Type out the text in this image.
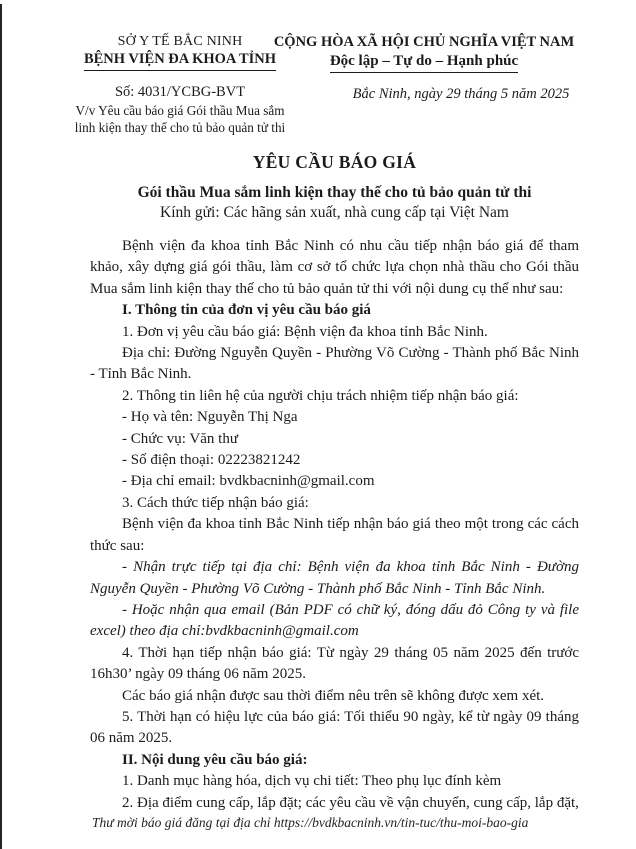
SỞ Y TẾ BẮC NINH
BỆNH VIỆN ĐA KHOA TỈNH
Số: 4031/YCBG-BVT
V/v Yêu cầu báo giá Gói thầu Mua sắm
linh kiện thay thế cho tủ bảo quản tử thi
CỘNG HÒA XÃ HỘI CHỦ NGHĨA VIỆT NAM
Độc lập – Tự do – Hạnh phúc
Bắc Ninh, ngày 29 tháng 5 năm 2025
YÊU CẦU BÁO GIÁ
Gói thầu Mua sắm linh kiện thay thế cho tủ bảo quản tử thi
Kính gửi: Các hãng sản xuất, nhà cung cấp tại Việt Nam

Bệnh viện đa khoa tỉnh Bắc Ninh có nhu cầu tiếp nhận báo giá để tham khảo, xây dựng giá gói thầu, làm cơ sở tổ chức lựa chọn nhà thầu cho Gói thầu Mua sắm linh kiện thay thế cho tủ bảo quản tử thi với nội dung cụ thể như sau:

I. Thông tin của đơn vị yêu cầu báo giá

1. Đơn vị yêu cầu báo giá: Bệnh viện đa khoa tỉnh Bắc Ninh.

Địa chỉ: Đường Nguyễn Quyền - Phường Võ Cường - Thành phố Bắc Ninh - Tỉnh Bắc Ninh.

2. Thông tin liên hệ của người chịu trách nhiệm tiếp nhận báo giá:

- Họ và tên: Nguyễn Thị Nga

- Chức vụ: Văn thư

- Số điện thoại: 02223821242

- Địa chỉ email: bvdkbacninh@gmail.com

3. Cách thức tiếp nhận báo giá:

Bệnh viện đa khoa tỉnh Bắc Ninh tiếp nhận báo giá theo một trong các cách thức sau:

- Nhận trực tiếp tại địa chỉ: Bệnh viện đa khoa tỉnh Bắc Ninh - Đường Nguyễn Quyền - Phường Võ Cường - Thành phố Bắc Ninh - Tỉnh Bắc Ninh.

- Hoặc nhận qua email (Bản PDF có chữ ký, đóng dấu đỏ Công ty và file excel) theo địa chỉ:bvdkbacninh@gmail.com

4. Thời hạn tiếp nhận báo giá: Từ ngày 29 tháng 05 năm 2025 đến trước 16h30’ ngày 09 tháng 06 năm 2025.

Các báo giá nhận được sau thời điểm nêu trên sẽ không được xem xét.

5. Thời hạn có hiệu lực của báo giá: Tối thiểu 90 ngày, kể từ ngày 09 tháng 06 năm 2025.

II. Nội dung yêu cầu báo giá:

1. Danh mục hàng hóa, dịch vụ chi tiết: Theo phụ lục đính kèm

2. Địa điểm cung cấp, lắp đặt; các yêu cầu về vận chuyển, cung cấp, lắp đặt,

Thư mời báo giá đăng tại địa chỉ https://bvdkbacninh.vn/tin-tuc/thu-moi-bao-gia
